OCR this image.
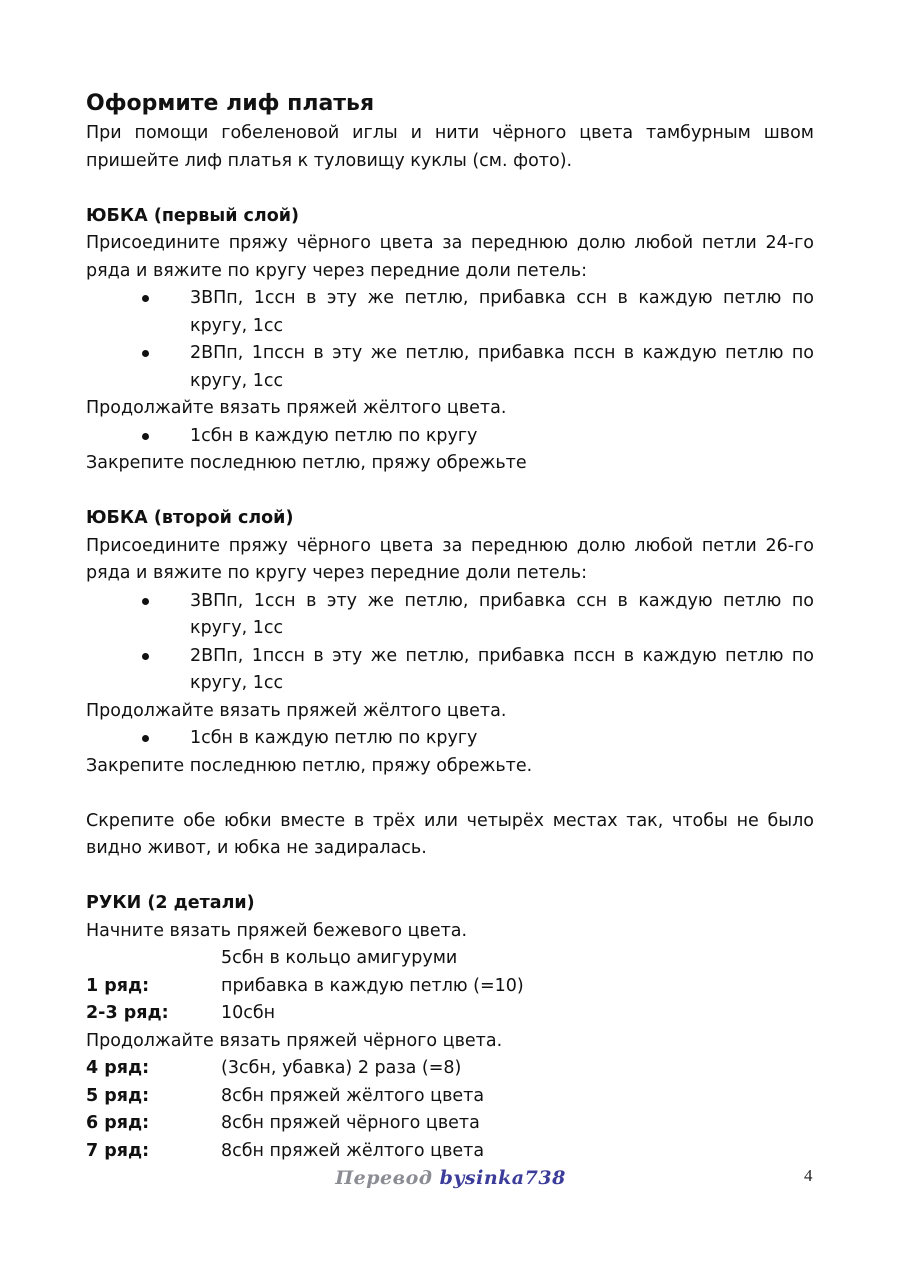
Оформите лиф платья

При помощи гобеленовой иглы и нити чёрного цвета тамбурным швом пришейте лиф платья к туловищу куклы (см. фото).

ЮБКА (первый слой)

Присоедините пряжу чёрного цвета за переднюю долю любой петли 24-го ряда и вяжите по кругу через передние доли петель:

3ВПп, 1ссн в эту же петлю, прибавка ссн в каждую петлю по кругу, 1сс
2ВПп, 1пссн в эту же петлю, прибавка пссн в каждую петлю по кругу, 1сс

Продолжайте вязать пряжей жёлтого цвета.

1сбн в каждую петлю по кругу

Закрепите последнюю петлю, пряжу обрежьте

ЮБКА (второй слой)

Присоедините пряжу чёрного цвета за переднюю долю любой петли 26-го ряда и вяжите по кругу через передние доли петель:

3ВПп, 1ссн в эту же петлю, прибавка ссн в каждую петлю по кругу, 1сс
2ВПп, 1пссн в эту же петлю, прибавка пссн в каждую петлю по кругу, 1сс

Продолжайте вязать пряжей жёлтого цвета.

1сбн в каждую петлю по кругу

Закрепите последнюю петлю, пряжу обрежьте.

Скрепите обе юбки вместе в трёх или четырёх местах так, чтобы не было видно живот, и юбка не задиралась.

РУКИ (2 детали)

Начните вязать пряжей бежевого цвета.

5сбн в кольцо амигуруми
1 ряд:	прибавка в каждую петлю (=10)
2-3 ряд:	10сбн

Продолжайте вязать пряжей чёрного цвета.

4 ряд:	(3сбн, убавка) 2 раза (=8)
5 ряд:	8сбн пряжей жёлтого цвета
6 ряд:	8сбн пряжей чёрного цвета
7 ряд:	8сбн пряжей жёлтого цвета
Перевод bysinka738	4
